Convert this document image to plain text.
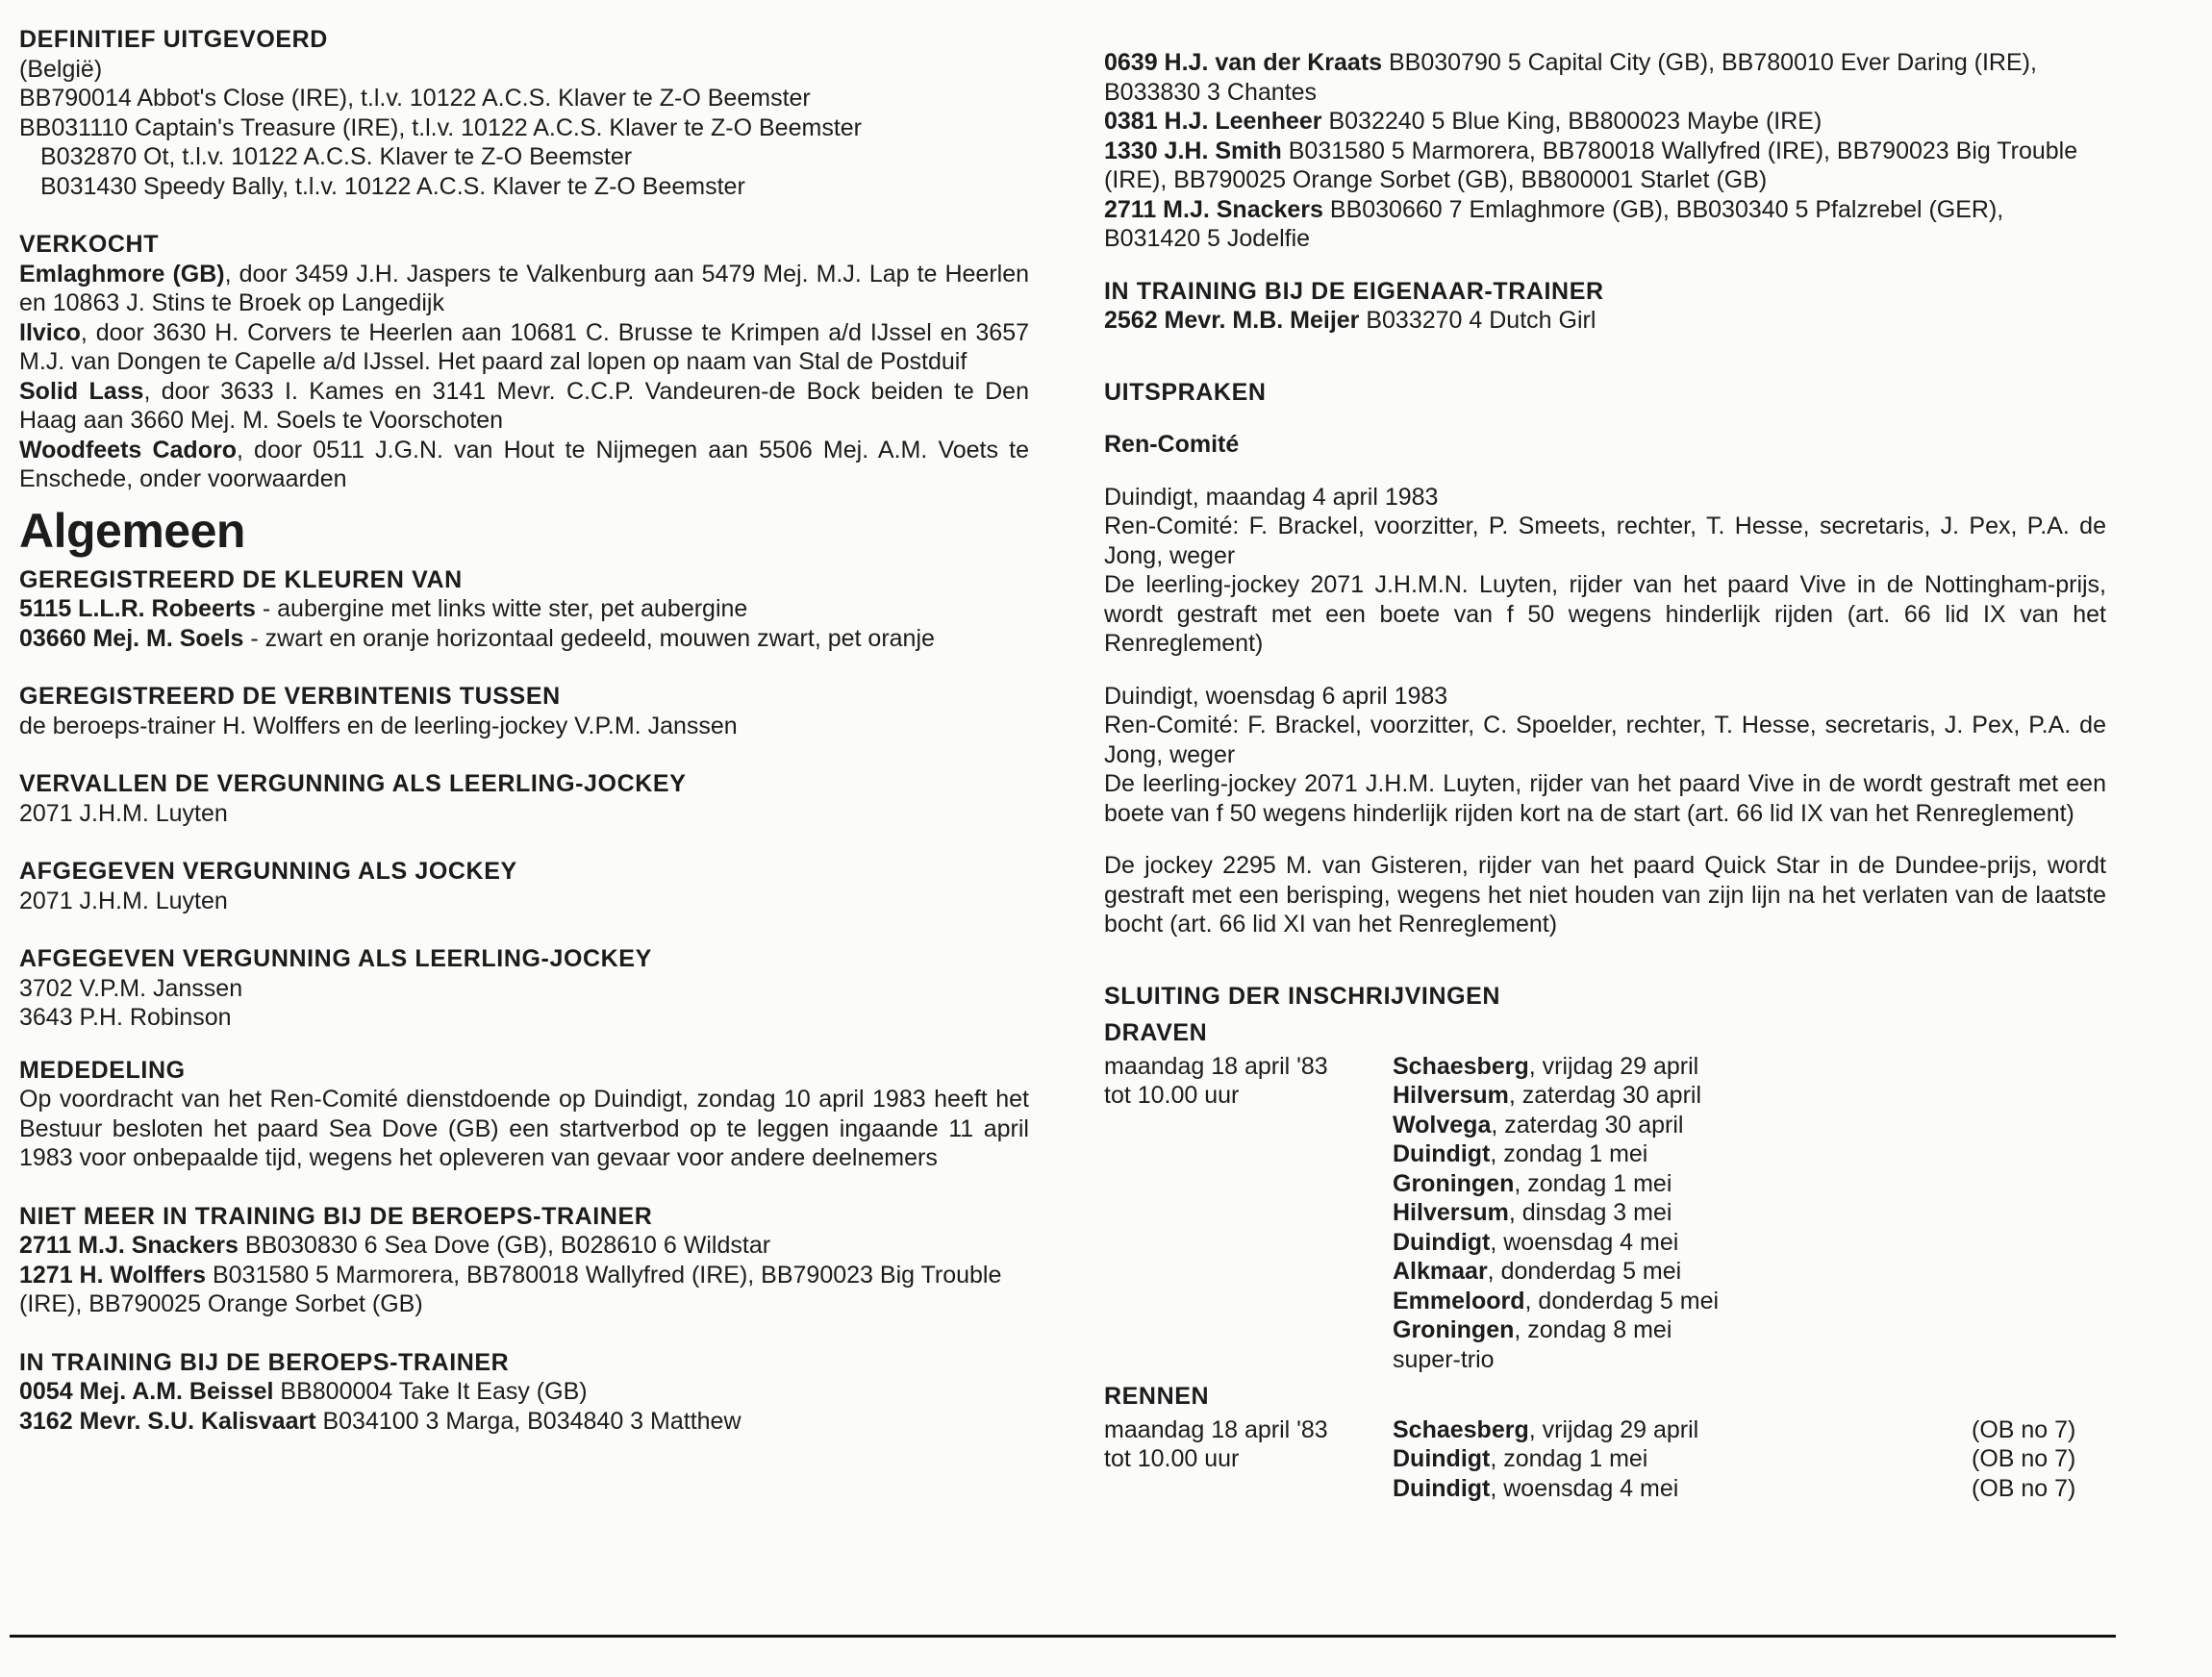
DEFINITIEF UITGEVOERD

(België)

BB790014 Abbot's Close (IRE), t.l.v. 10122 A.C.S. Klaver te Z-O Beemster

BB031110 Captain's Treasure (IRE), t.l.v. 10122 A.C.S. Klaver te Z-O Beemster

B032870 Ot, t.l.v. 10122 A.C.S. Klaver te Z-O Beemster

B031430 Speedy Bally, t.l.v. 10122 A.C.S. Klaver te Z-O Beemster

VERKOCHT

Emlaghmore (GB), door 3459 J.H. Jaspers te Valkenburg aan 5479 Mej. M.J. Lap te Heerlen en 10863 J. Stins te Broek op Langedijk

Ilvico, door 3630 H. Corvers te Heerlen aan 10681 C. Brusse te Krimpen a/d IJssel en 3657 M.J. van Dongen te Capelle a/d IJssel. Het paard zal lopen op naam van Stal de Postduif

Solid Lass, door 3633 I. Kames en 3141 Mevr. C.C.P. Vandeuren-de Bock beiden te Den Haag aan 3660 Mej. M. Soels te Voorschoten

Woodfeets Cadoro, door 0511 J.G.N. van Hout te Nijmegen aan 5506 Mej. A.M. Voets te Enschede, onder voorwaarden

Algemeen

GEREGISTREERD DE KLEUREN VAN

5115 L.L.R. Robeerts - aubergine met links witte ster, pet aubergine

03660 Mej. M. Soels - zwart en oranje horizontaal gedeeld, mouwen zwart, pet oranje

GEREGISTREERD DE VERBINTENIS TUSSEN

de beroeps-trainer H. Wolffers en de leerling-jockey V.P.M. Janssen

VERVALLEN DE VERGUNNING ALS LEERLING-JOCKEY

2071 J.H.M. Luyten

AFGEGEVEN VERGUNNING ALS JOCKEY

2071 J.H.M. Luyten

AFGEGEVEN VERGUNNING ALS LEERLING-JOCKEY

3702 V.P.M. Janssen

3643 P.H. Robinson

MEDEDELING

Op voordracht van het Ren-Comité dienstdoende op Duindigt, zondag 10 april 1983 heeft het Bestuur besloten het paard Sea Dove (GB) een startverbod op te leggen ingaande 11 april 1983 voor onbepaalde tijd, wegens het opleveren van gevaar voor andere deelnemers

NIET MEER IN TRAINING BIJ DE BEROEPS-TRAINER

2711 M.J. Snackers BB030830 6 Sea Dove (GB), B028610 6 Wildstar

1271 H. Wolffers B031580 5 Marmorera, BB780018 Wallyfred (IRE), BB790023 Big Trouble (IRE), BB790025 Orange Sorbet (GB)

IN TRAINING BIJ DE BEROEPS-TRAINER

0054 Mej. A.M. Beissel BB800004 Take It Easy (GB)

3162 Mevr. S.U. Kalisvaart B034100 3 Marga, B034840 3 Matthew

0639 H.J. van der Kraats BB030790 5 Capital City (GB), BB780010 Ever Daring (IRE), B033830 3 Chantes

0381 H.J. Leenheer B032240 5 Blue King, BB800023 Maybe (IRE)

1330 J.H. Smith B031580 5 Marmorera, BB780018 Wallyfred (IRE), BB790023 Big Trouble (IRE), BB790025 Orange Sorbet (GB), BB800001 Starlet (GB)

2711 M.J. Snackers BB030660 7 Emlaghmore (GB), BB030340 5 Pfalzrebel (GER), B031420 5 Jodelfie

IN TRAINING BIJ DE EIGENAAR-TRAINER

2562 Mevr. M.B. Meijer B033270 4 Dutch Girl

UITSPRAKEN

Ren-Comité

Duindigt, maandag 4 april 1983

Ren-Comité: F. Brackel, voorzitter, P. Smeets, rechter, T. Hesse, secretaris, J. Pex, P.A. de Jong, weger

De leerling-jockey 2071 J.H.M.N. Luyten, rijder van het paard Vive in de Nottingham-prijs, wordt gestraft met een boete van f 50 wegens hinderlijk rijden (art. 66 lid IX van het Renreglement)

Duindigt, woensdag 6 april 1983

Ren-Comité: F. Brackel, voorzitter, C. Spoelder, rechter, T. Hesse, secretaris, J. Pex, P.A. de Jong, weger

De leerling-jockey 2071 J.H.M. Luyten, rijder van het paard Vive in de wordt gestraft met een boete van f 50 wegens hinderlijk rijden kort na de start (art. 66 lid IX van het Renreglement)

De jockey 2295 M. van Gisteren, rijder van het paard Quick Star in de Dundee-prijs, wordt gestraft met een berisping, wegens het niet houden van zijn lijn na het verlaten van de laatste bocht (art. 66 lid XI van het Renreglement)

SLUITING DER INSCHRIJVINGEN

DRAVEN

maandag 18 april '83
tot 10.00 uur

Schaesberg, vrijdag 29 april

Hilversum, zaterdag 30 april

Wolvega, zaterdag 30 april

Duindigt, zondag 1 mei

Groningen, zondag 1 mei

Hilversum, dinsdag 3 mei

Duindigt, woensdag 4 mei

Alkmaar, donderdag 5 mei

Emmeloord, donderdag 5 mei

Groningen, zondag 8 mei

super-trio

RENNEN

maandag 18 april '83
tot 10.00 uur
Schaesberg, vrijdag 29 april	(OB no 7)
Duindigt, zondag 1 mei	(OB no 7)
Duindigt, woensdag 4 mei	(OB no 7)
